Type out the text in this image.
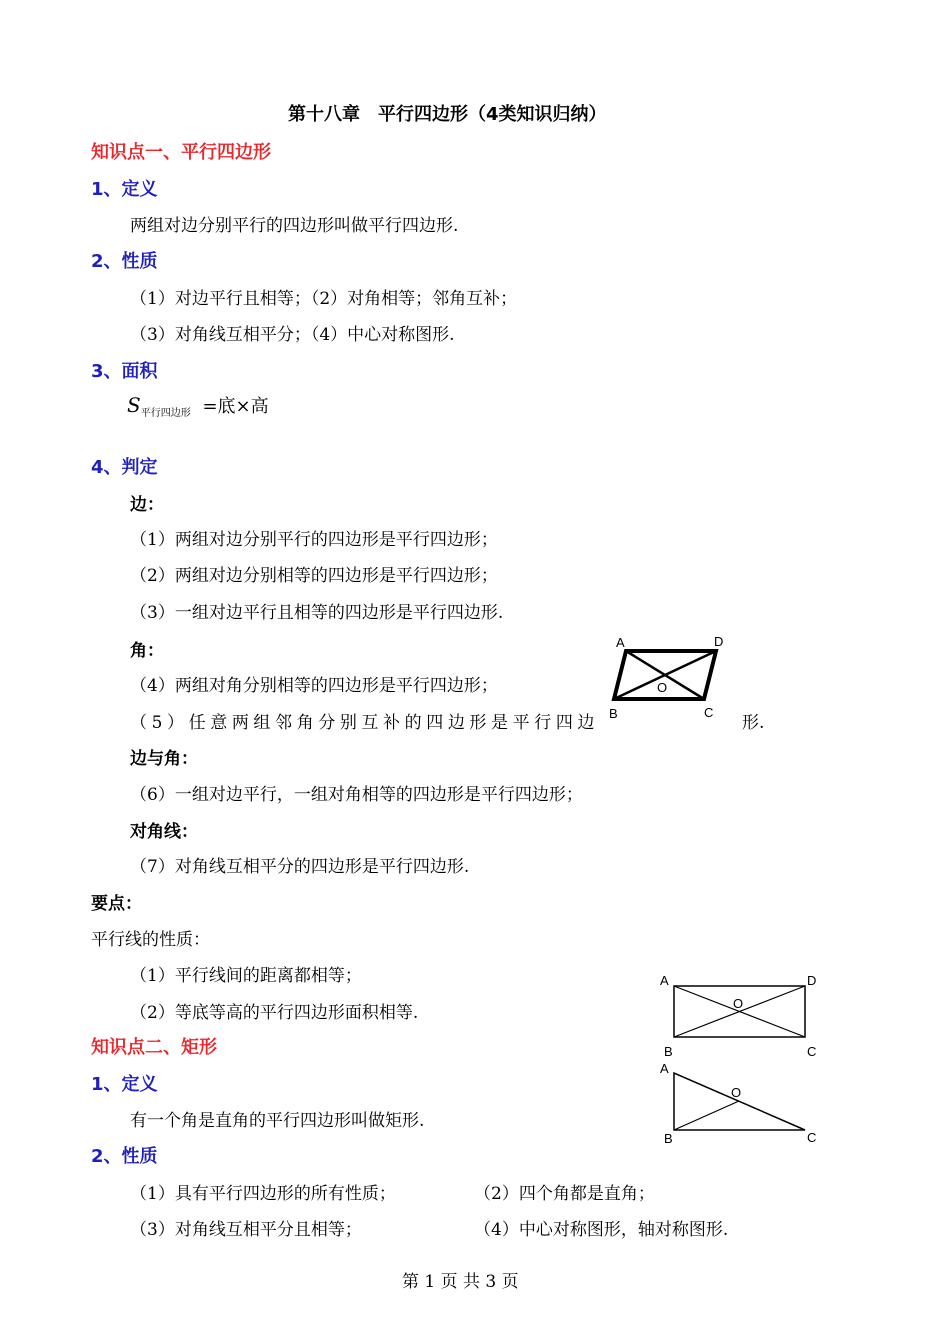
第十八章　平行四边形（4类知识归纳）
知识点一、平行四边形
1、定义
两组对边分别平行的四边形叫做平行四边形.
2、性质
（1）对边平行且相等；（2）对角相等；邻角互补；
（3）对角线互相平分；（4）中心对称图形.
3、面积
$S_{平行四边形}$ =底×高
4、判定
边：
（1）两组对边分别平行的四边形是平行四边形；
（2）两组对边分别相等的四边形是平行四边形；
（3）一组对边平行且相等的四边形是平行四边形.
角：
（4）两组对角分别相等的四边形是平行四边形；
（5）任意两组邻角分别互补的四边形是平行四边	形.
A	D
O
B	C
边与角：
（6）一组对边平行，一组对角相等的四边形是平行四边形；
对角线：
（7）对角线互相平分的四边形是平行四边形.
要点：
平行线的性质：
（1）平行线间的距离都相等；
（2）等底等高的平行四边形面积相等.
A	D
O
B	C
A
O
B	C
知识点二、矩形
1、定义
有一个角是直角的平行四边形叫做矩形.
2、性质
（1）具有平行四边形的所有性质；	（2）四个角都是直角；
（3）对角线互相平分且相等；	（4）中心对称图形，轴对称图形.
第 1 页 共 3 页
